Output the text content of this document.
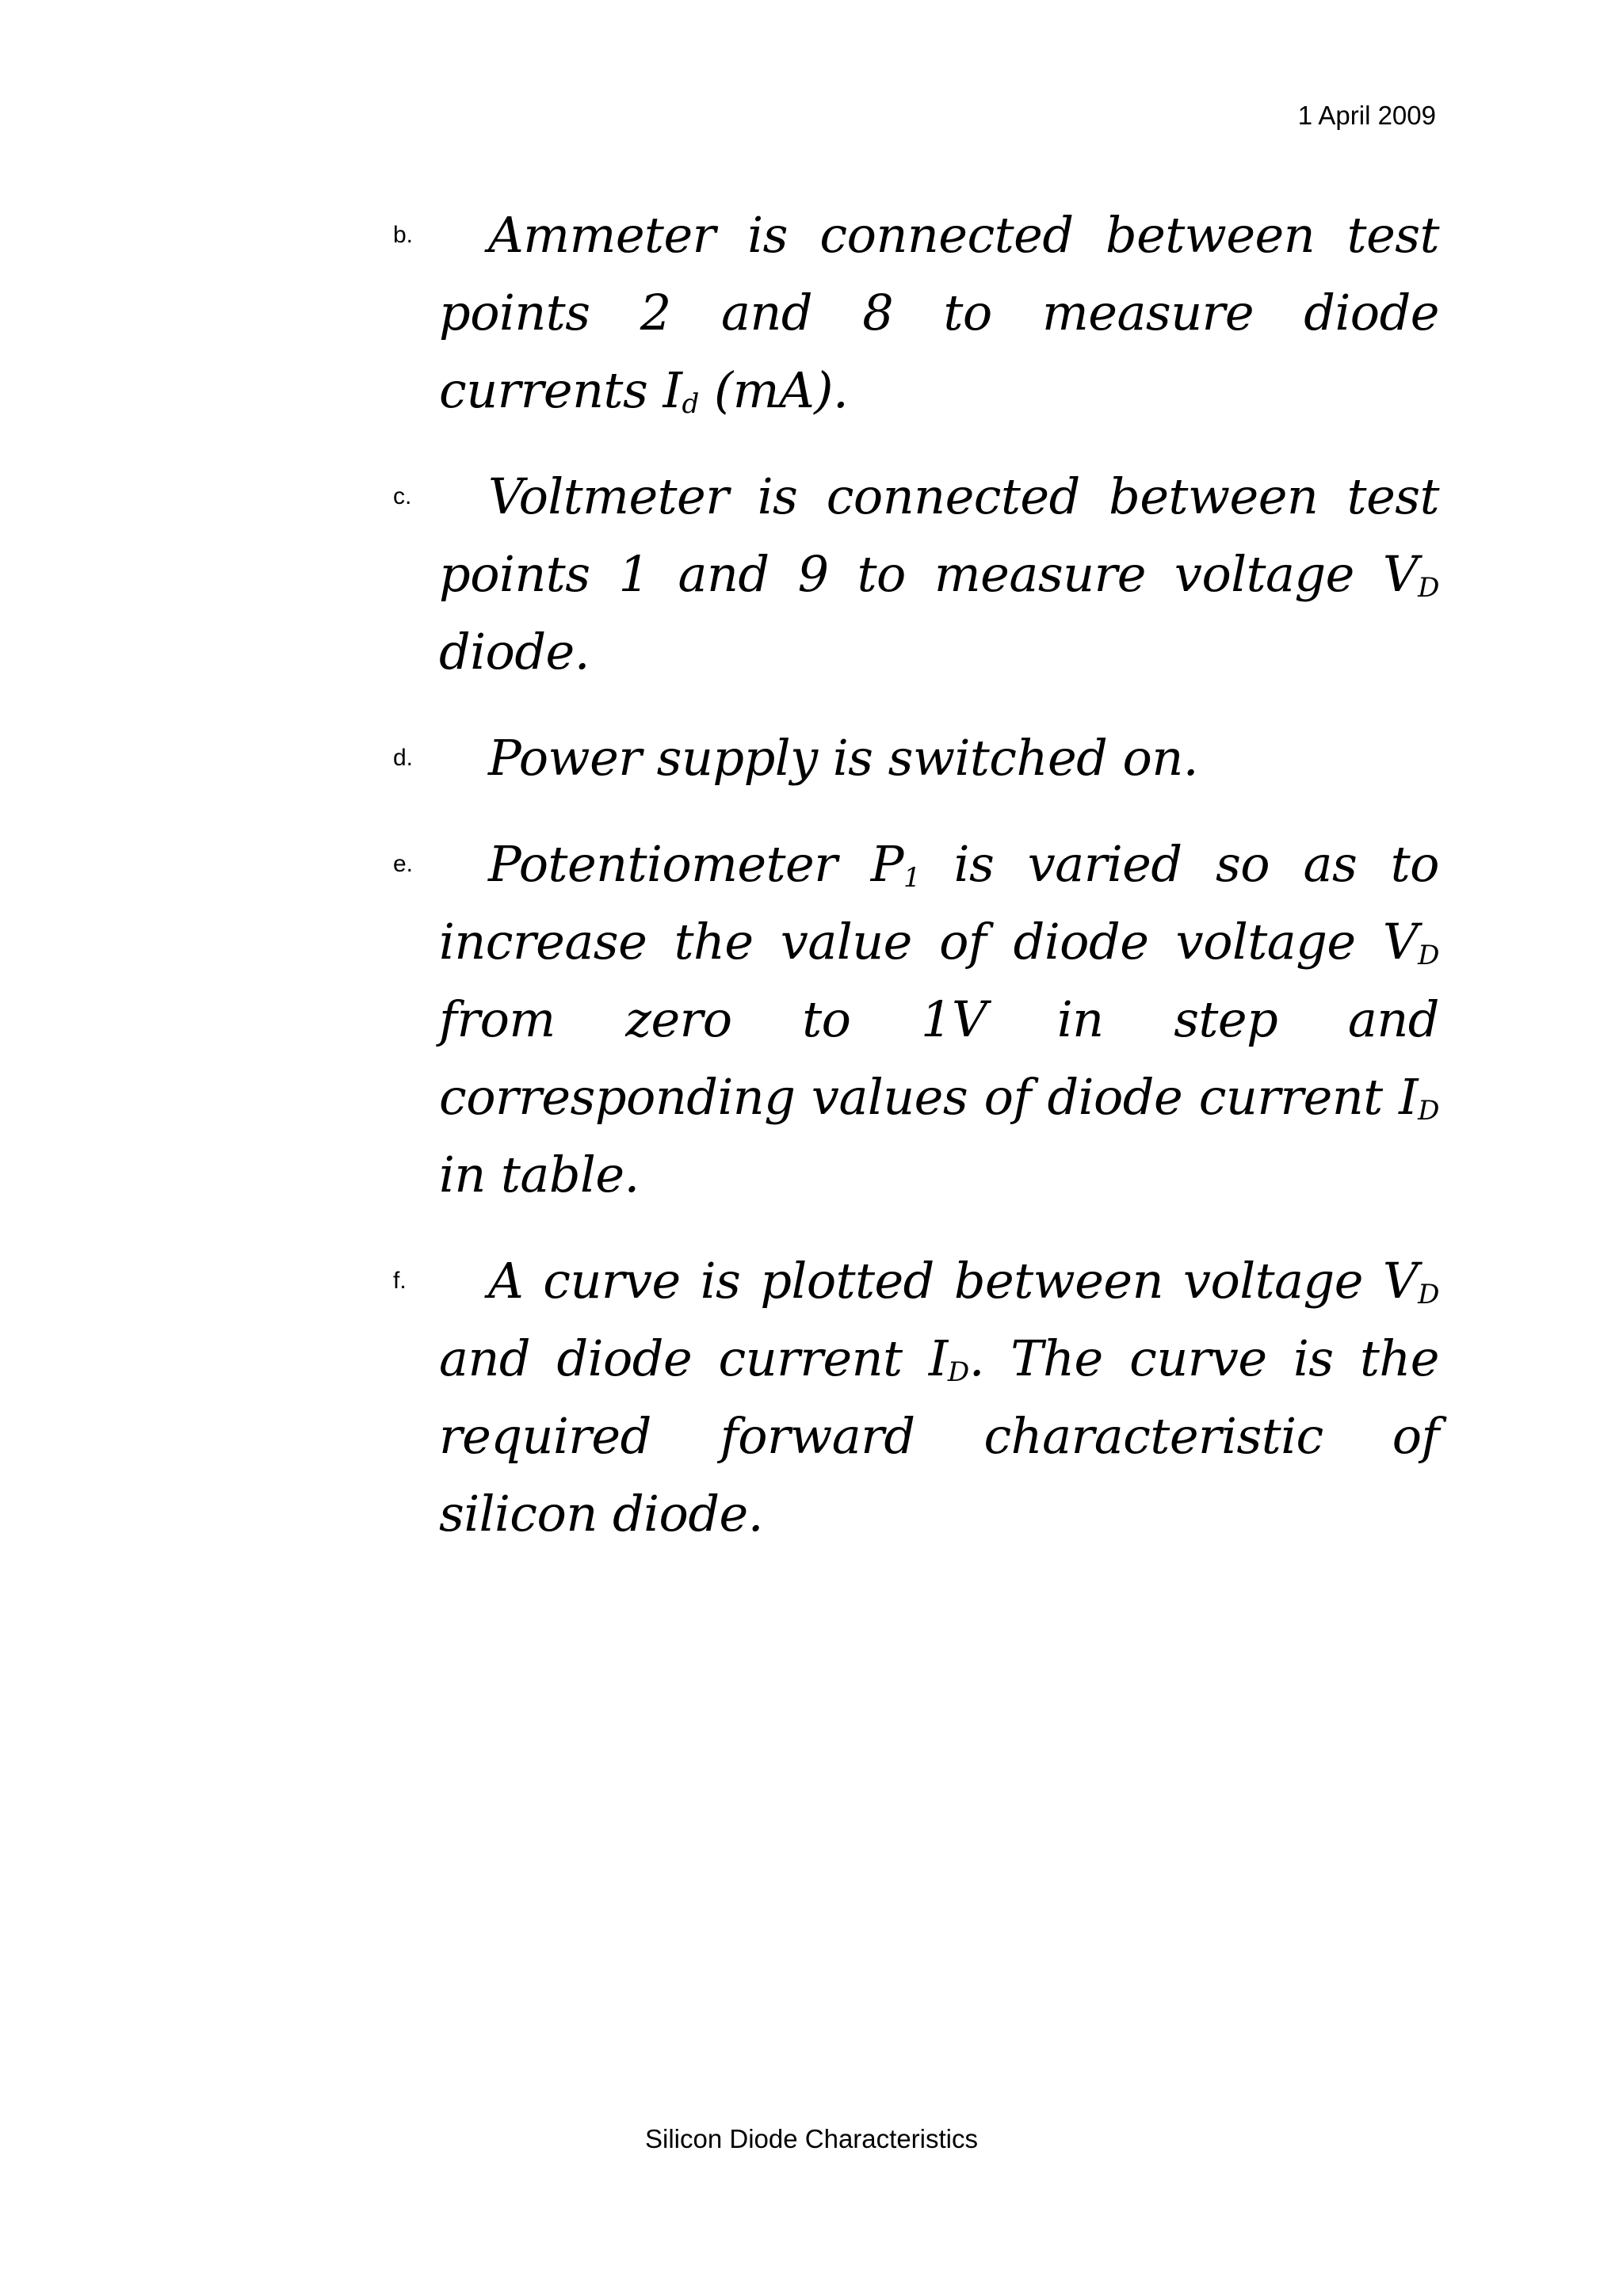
1 April 2009
b.	Ammeter is connected between test points 2 and 8 to measure diode currents $I_d$ (mA).

c.	Voltmeter is connected between test points 1 and 9 to measure voltage $V_D$ diode.

d.	Power supply is switched on.

e.	Potentiometer $P_1$ is varied so as to increase the value of diode voltage $V_D$ from zero to 1V in step and corresponding values of diode current $I_D$ in table.

f.	A curve is plotted between voltage $V_D$ and diode current $I_D$. The curve is the required forward characteristic of silicon diode.

Silicon Diode Characteristics
